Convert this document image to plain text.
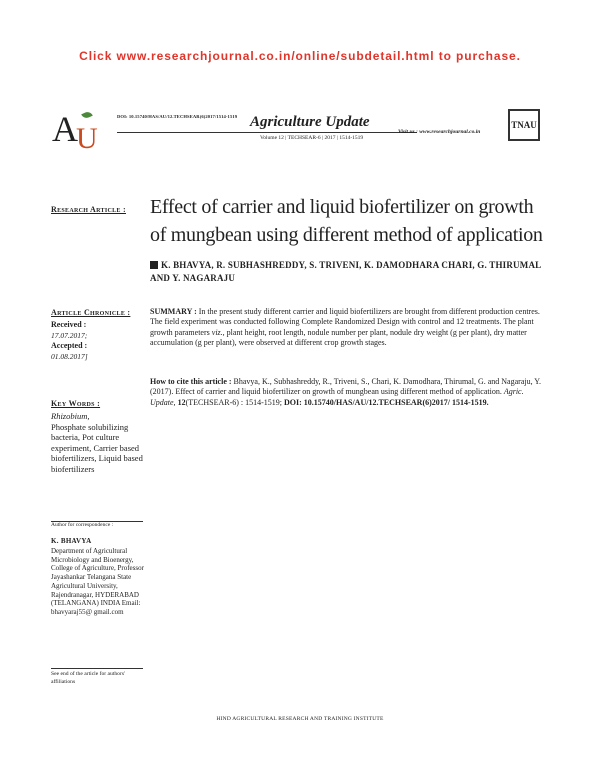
Click www.researchjournal.co.in/online/subdetail.html to purchase.
A
U
DOI: 10.15740/HAS/AU/12.TECHSEAR(6)2017/1514-1519 Agriculture Update
Volume 12 | TECHSEAR-6 | 2017 | 1514-1519
Visit us : www.researchjournal.co.in
TNAU
Research Article : Effect of carrier and liquid biofertilizer on growth of mungbean using different method of application
K. BHAVYA, R. SUBHASHREDDY, S. TRIVENI, K. DAMODHARA CHARI, G. THIRUMAL AND Y. NAGARAJU
Article Chronicle :
Received :
17.07.2017;
Accepted :
01.08.2017]
Key Words :
Rhizobium,
Phosphate solubilizing bacteria, Pot culture experiment, Carrier based biofertilizers, Liquid based biofertilizers
SUMMARY : In the present study different carrier and liquid biofertilizers are brought from different production centres. The field experiment was conducted following Complete Randomized Design with control and 12 treatments. The plant growth parameters viz., plant height, root length, nodule number per plant, nodule dry weight (g per plant), dry matter accumulation (g per plant), were observed at different crop growth stages.
How to cite this article : Bhavya, K., Subhashreddy, R., Triveni, S., Chari, K. Damodhara, Thirumal, G. and Nagaraju, Y. (2017). Effect of carrier and liquid biofertilizer on growth of mungbean using different method of application. Agric. Update, 12(TECHSEAR-6) : 1514-1519; DOI: 10.15740/HAS/AU/12.TECHSEAR(6)2017/ 1514-1519.
Author for correspondence :
K. BHAVYA
Department of Agricultural Microbiology and Bioenergy, College of Agriculture, Professor Jayashankar Telangana State Agricultural University, Rajendranagar, HYDERABAD (TELANGANA) INDIA Email: bhavyaraj55@ gmail.com
See end of the article for authors' affiliations
HIND AGRICULTURAL RESEARCH AND TRAINING INSTITUTE
